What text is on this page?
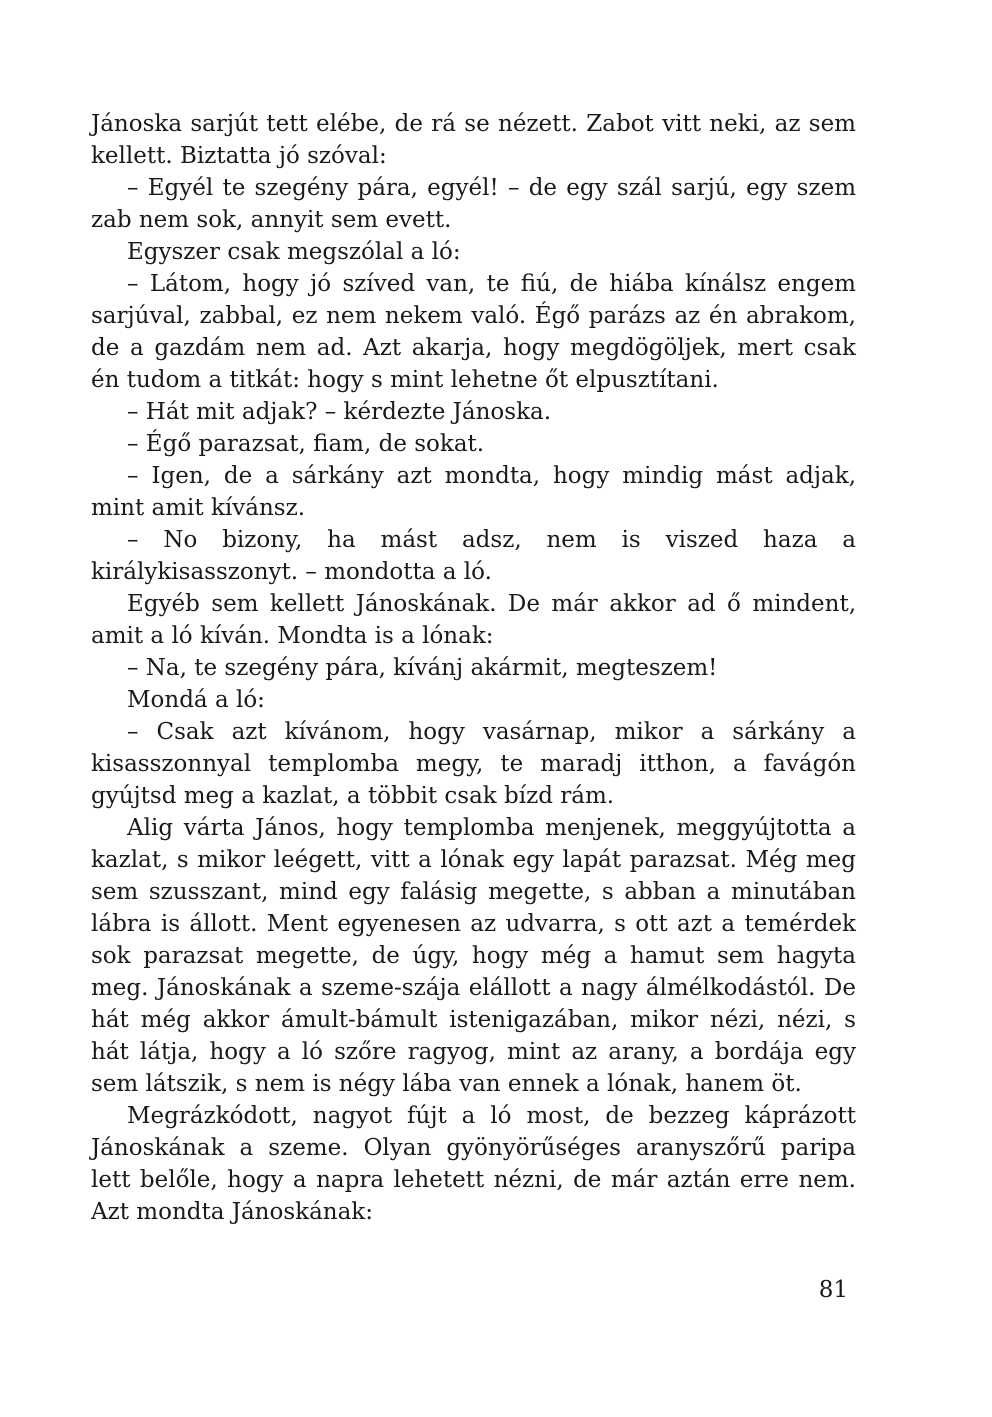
Jánoska sarjút tett elébe, de rá se nézett. Zabot vitt neki, az sem kellett. Biztatta jó szóval:

– Egyél te szegény pára, egyél! – de egy szál sarjú, egy szem zab nem sok, annyit sem evett.

Egyszer csak megszólal a ló:

– Látom, hogy jó szíved van, te fiú, de hiába kínálsz engem sarjúval, zabbal, ez nem nekem való. Égő parázs az én abrakom, de a gazdám nem ad. Azt akarja, hogy megdögöljek, mert csak én tudom a titkát: hogy s mint lehetne őt elpusztítani.

– Hát mit adjak? – kérdezte Jánoska.

– Égő parazsat, fiam, de sokat.

– Igen, de a sárkány azt mondta, hogy mindig mást adjak, mint amit kívánsz.

– No bizony, ha mást adsz, nem is viszed haza a királykisasszonyt. – mondotta a ló.

Egyéb sem kellett Jánoskának. De már akkor ad ő mindent, amit a ló kíván. Mondta is a lónak:

– Na, te szegény pára, kívánj akármit, megteszem!

Mondá a ló:

– Csak azt kívánom, hogy vasárnap, mikor a sárkány a kisasszonnyal templomba megy, te maradj itthon, a favágón gyújtsd meg a kazlat, a többit csak bízd rám.

Alig várta János, hogy templomba menjenek, meggyújtotta a kazlat, s mikor leégett, vitt a lónak egy lapát parazsat. Még meg sem szusszant, mind egy falásig megette, s abban a minutában lábra is állott. Ment egyenesen az udvarra, s ott azt a temérdek sok parazsat megette, de úgy, hogy még a hamut sem hagyta meg. Jánoskának a szeme-szája elállott a nagy álmélkodástól. De hát még akkor ámult-bámult istenigazában, mikor nézi, nézi, s hát látja, hogy a ló szőre ragyog, mint az arany, a bordája egy sem látszik, s nem is négy lába van ennek a lónak, hanem öt.

Megrázkódott, nagyot fújt a ló most, de bezzeg káprázott Jánoskának a szeme. Olyan gyönyörűséges aranyszőrű paripa lett belőle, hogy a napra lehetett nézni, de már aztán erre nem. Azt mondta Jánoskának:

81
